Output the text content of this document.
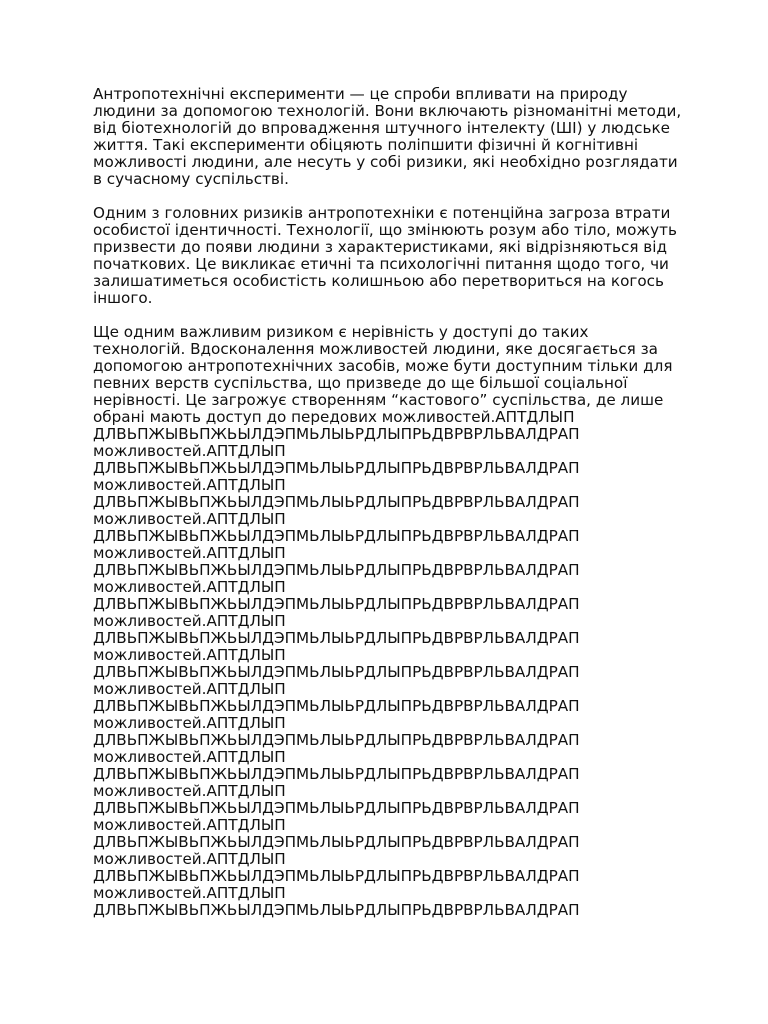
Антропотехнічні експерименти — це спроби впливати на природу людини за допомогою технологій. Вони включають різноманітні методи, від біотехнологій до впровадження штучного інтелекту (ШІ) у людське життя. Такі експерименти обіцяють поліпшити фізичні й когнітивні можливості людини, але несуть у собі ризики, які необхідно розглядати в сучасному суспільстві.

Одним з головних ризиків антропотехніки є потенційна загроза втрати особистої ідентичності. Технології, що змінюють розум або тіло, можуть призвести до появи людини з характеристиками, які відрізняються від початкових. Це викликає етичні та психологічні питання щодо того, чи залишатиметься особистість колишньою або перетвориться на когось іншого.

Ще одним важливим ризиком є нерівність у доступі до таких технологій. Вдосконалення можливостей людини, яке досягається за допомогою антропотехнічних засобів, може бути доступним тільки для певних верств суспільства, що призведе до ще більшої соціальної нерівності. Це загрожує створенням “кастового” суспільства, де лише обрані мають доступ до передових можливостей.АПТДЛЫП

ДЛВЬПЖЫВЬПЖЬЫЛДЭПМЬЛЫЬРДЛЫПРЬДВРВРЛЬВАЛДРАП
можливостей.АПТДЛЫП
ДЛВЬПЖЫВЬПЖЬЫЛДЭПМЬЛЫЬРДЛЫПРЬДВРВРЛЬВАЛДРАП
можливостей.АПТДЛЫП
ДЛВЬПЖЫВЬПЖЬЫЛДЭПМЬЛЫЬРДЛЫПРЬДВРВРЛЬВАЛДРАП
можливостей.АПТДЛЫП
ДЛВЬПЖЫВЬПЖЬЫЛДЭПМЬЛЫЬРДЛЫПРЬДВРВРЛЬВАЛДРАП
можливостей.АПТДЛЫП
ДЛВЬПЖЫВЬПЖЬЫЛДЭПМЬЛЫЬРДЛЫПРЬДВРВРЛЬВАЛДРАП
можливостей.АПТДЛЫП
ДЛВЬПЖЫВЬПЖЬЫЛДЭПМЬЛЫЬРДЛЫПРЬДВРВРЛЬВАЛДРАП
можливостей.АПТДЛЫП
ДЛВЬПЖЫВЬПЖЬЫЛДЭПМЬЛЫЬРДЛЫПРЬДВРВРЛЬВАЛДРАП
можливостей.АПТДЛЫП
ДЛВЬПЖЫВЬПЖЬЫЛДЭПМЬЛЫЬРДЛЫПРЬДВРВРЛЬВАЛДРАП
можливостей.АПТДЛЫП
ДЛВЬПЖЫВЬПЖЬЫЛДЭПМЬЛЫЬРДЛЫПРЬДВРВРЛЬВАЛДРАП
можливостей.АПТДЛЫП
ДЛВЬПЖЫВЬПЖЬЫЛДЭПМЬЛЫЬРДЛЫПРЬДВРВРЛЬВАЛДРАП
можливостей.АПТДЛЫП
ДЛВЬПЖЫВЬПЖЬЫЛДЭПМЬЛЫЬРДЛЫПРЬДВРВРЛЬВАЛДРАП
можливостей.АПТДЛЫП
ДЛВЬПЖЫВЬПЖЬЫЛДЭПМЬЛЫЬРДЛЫПРЬДВРВРЛЬВАЛДРАП
можливостей.АПТДЛЫП
ДЛВЬПЖЫВЬПЖЬЫЛДЭПМЬЛЫЬРДЛЫПРЬДВРВРЛЬВАЛДРАП
можливостей.АПТДЛЫП
ДЛВЬПЖЫВЬПЖЬЫЛДЭПМЬЛЫЬРДЛЫПРЬДВРВРЛЬВАЛДРАП
можливостей.АПТДЛЫП
ДЛВЬПЖЫВЬПЖЬЫЛДЭПМЬЛЫЬРДЛЫПРЬДВРВРЛЬВАЛДРАП
